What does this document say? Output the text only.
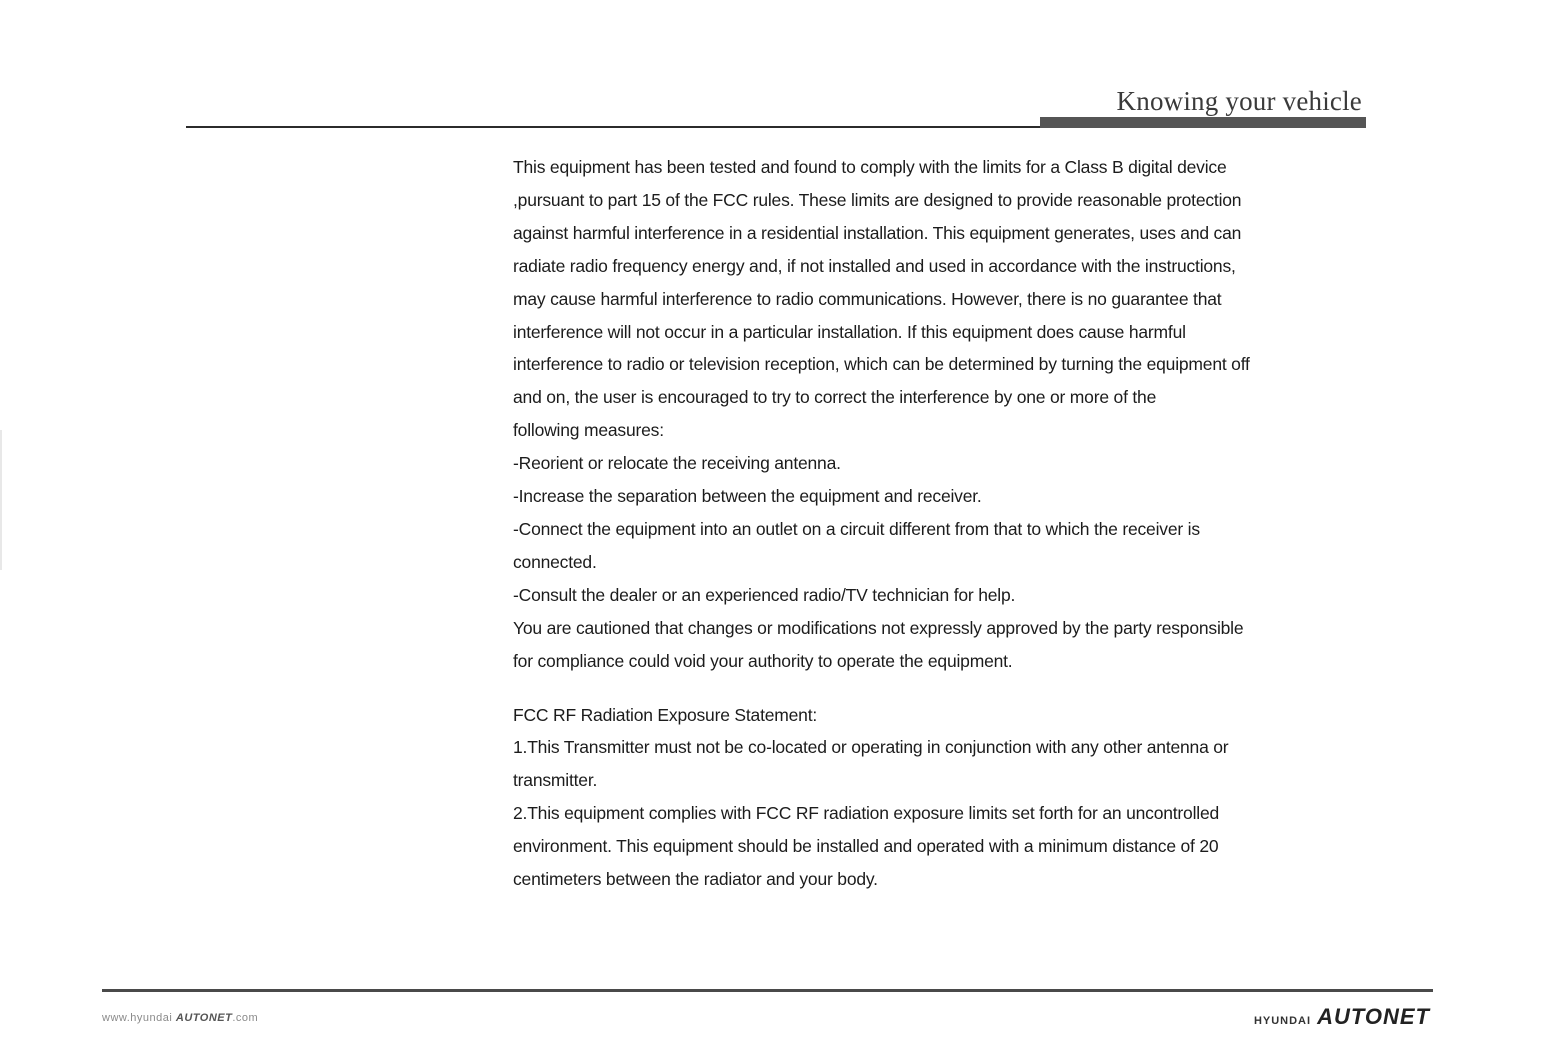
Knowing your vehicle

This equipment has been tested and found to comply with the limits for a Class B digital device ,pursuant to part 15 of the FCC rules. These limits are designed to provide reasonable protection against harmful interference in a residential installation. This equipment generates, uses and can radiate radio frequency energy and, if not installed and used in accordance with the instructions, may cause harmful interference to radio communications. However, there is no guarantee that interference will not occur in a particular installation. If this equipment does cause harmful interference to radio or television reception, which can be determined by turning the equipment off and on, the user is encouraged to try to correct the interference by one or more of the

following measures:

-Reorient or relocate the receiving antenna.

-Increase the separation between the equipment and receiver.

-Connect the equipment into an outlet on a circuit different from that to which the receiver is connected.

-Consult the dealer or an experienced radio/TV technician for help.

You are cautioned that changes or modifications not expressly approved by the party responsible for compliance could void your authority to operate the equipment.

FCC RF Radiation Exposure Statement:

1.This Transmitter must not be co-located or operating in conjunction with any other antenna or transmitter.

2.This equipment complies with FCC RF radiation exposure limits set forth for an uncontrolled environment. This equipment should be installed and operated with a minimum distance of 20 centimeters between the radiator and your body.

www.hyundai AUTONET.com	HYUNDAI AUTONET
